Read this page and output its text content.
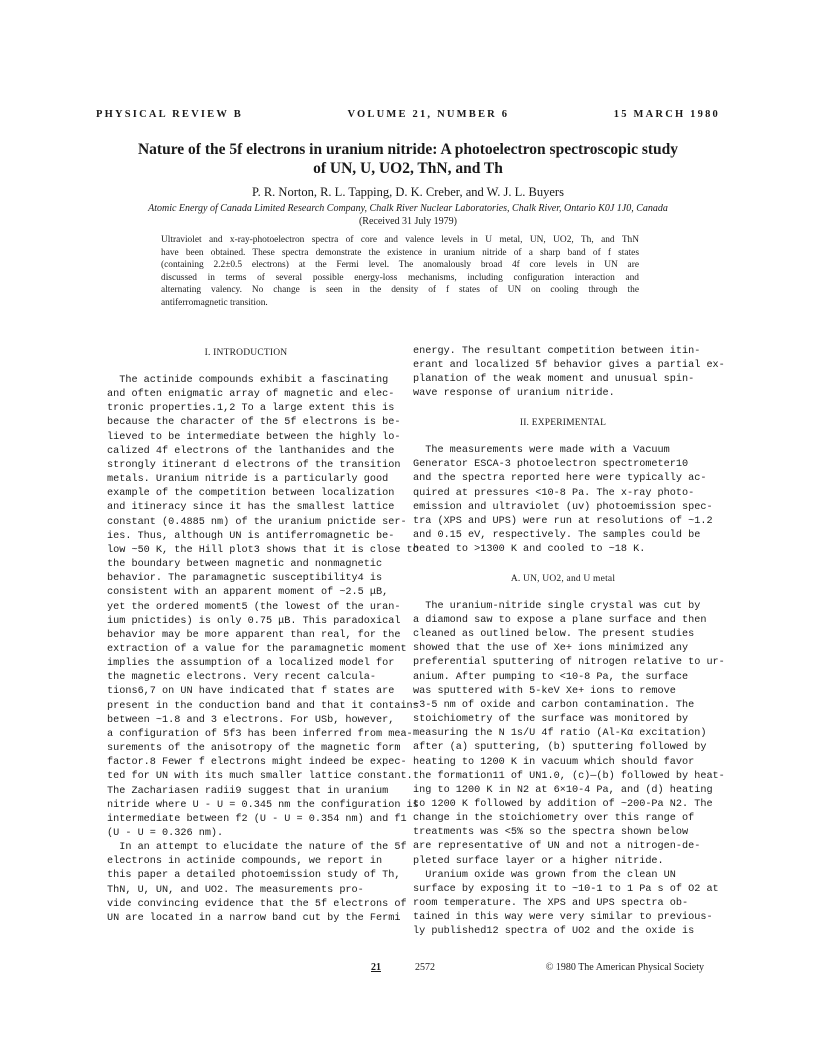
PHYSICAL REVIEW B	VOLUME 21, NUMBER 6	15 MARCH 1980
Nature of the 5f electrons in uranium nitride: A photoelectron spectroscopic study
of UN, U, UO2, ThN, and Th
P. R. Norton, R. L. Tapping, D. K. Creber, and W. J. L. Buyers
Atomic Energy of Canada Limited Research Company, Chalk River Nuclear Laboratories, Chalk River, Ontario K0J 1J0, Canada
(Received 31 July 1979)
Ultraviolet and x-ray-photoelectron spectra of core and valence levels in U metal, UN, UO2, Th, and ThN
have been obtained. These spectra demonstrate the existence in uranium nitride of a sharp band of f states
(containing 2.2±0.5 electrons) at the Fermi level. The anomalously broad 4f core levels in UN are
discussed in terms of several possible energy-loss mechanisms, including configuration interaction and
alternating valency. No change is seen in the density of f states of UN on cooling through the
antiferromagnetic transition.
I. INTRODUCTION
The actinide compounds exhibit a fascinating
and often enigmatic array of magnetic and elec-
tronic properties.1,2 To a large extent this is
because the character of the 5f electrons is be-
lieved to be intermediate between the highly lo-
calized 4f electrons of the lanthanides and the
strongly itinerant d electrons of the transition
metals. Uranium nitride is a particularly good
example of the competition between localization
and itineracy since it has the smallest lattice
constant (0.4885 nm) of the uranium pnictide ser-
ies. Thus, although UN is antiferromagnetic be-
low ~50 K, the Hill plot3 shows that it is close to
the boundary between magnetic and nonmagnetic
behavior. The paramagnetic susceptibility4 is
consistent with an apparent moment of ~2.5 μB,
yet the ordered moment5 (the lowest of the uran-
ium pnictides) is only 0.75 μB. This paradoxical
behavior may be more apparent than real, for the
extraction of a value for the paramagnetic moment
implies the assumption of a localized model for
the magnetic electrons. Very recent calcula-
tions6,7 on UN have indicated that f states are
present in the conduction band and that it contains
between ~1.8 and 3 electrons. For USb, however,
a configuration of 5f3 has been inferred from mea-
surements of the anisotropy of the magnetic form
factor.8 Fewer f electrons might indeed be expec-
ted for UN with its much smaller lattice constant.
The Zachariasen radii9 suggest that in uranium
nitride where U - U = 0.345 nm the configuration is
intermediate between f2 (U - U = 0.354 nm) and f1
(U - U = 0.326 nm).
In an attempt to elucidate the nature of the 5f
electrons in actinide compounds, we report in
this paper a detailed photoemission study of Th,
ThN, U, UN, and UO2. The measurements pro-
vide convincing evidence that the 5f electrons of
UN are located in a narrow band cut by the Fermi
energy. The resultant competition between itin-
erant and localized 5f behavior gives a partial ex-
planation of the weak moment and unusual spin-
wave response of uranium nitride.

II. EXPERIMENTAL

The measurements were made with a Vacuum
Generator ESCA-3 photoelectron spectrometer10
and the spectra reported here were typically ac-
quired at pressures <10-8 Pa. The x-ray photo-
emission and ultraviolet (uv) photoemission spec-
tra (XPS and UPS) were run at resolutions of ~1.2
and 0.15 eV, respectively. The samples could be
heated to >1300 K and cooled to ~18 K.

A. UN, UO2, and U metal

The uranium-nitride single crystal was cut by
a diamond saw to expose a plane surface and then
cleaned as outlined below. The present studies
showed that the use of Xe+ ions minimized any
preferential sputtering of nitrogen relative to ur-
anium. After pumping to <10-8 Pa, the surface
was sputtered with 5-keV Xe+ ions to remove
~3-5 nm of oxide and carbon contamination. The
stoichiometry of the surface was monitored by
measuring the N 1s/U 4f ratio (Al-Kα excitation)
after (a) sputtering, (b) sputtering followed by
heating to 1200 K in vacuum which should favor
the formation11 of UN1.0, (c)—(b) followed by heat-
ing to 1200 K in N2 at 6×10-4 Pa, and (d) heating
to 1200 K followed by addition of ~200-Pa N2. The
change in the stoichiometry over this range of
treatments was <5% so the spectra shown below
are representative of UN and not a nitrogen-de-
pleted surface layer or a higher nitride.
Uranium oxide was grown from the clean UN
surface by exposing it to ~10-1 to 1 Pa s of O2 at
room temperature. The XPS and UPS spectra ob-
tained in this way were very similar to previous-
ly published12 spectra of UO2 and the oxide is
21	2572	© 1980 The American Physical Society
